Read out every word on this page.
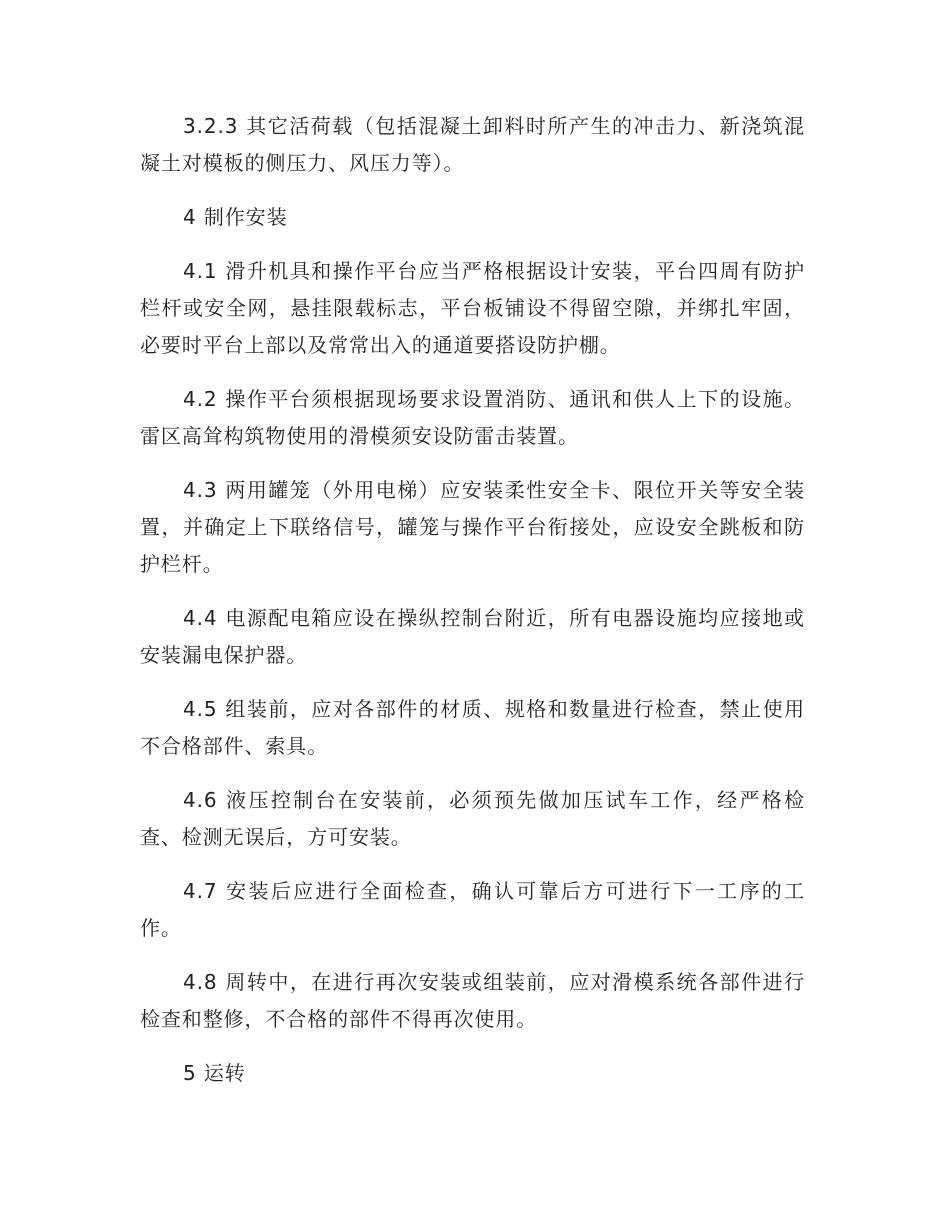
3.2.3 其它活荷载（包括混凝土卸料时所产生的冲击力、新浇筑混凝土对模板的侧压力、风压力等）。

4 制作安装

4.1 滑升机具和操作平台应当严格根据设计安装，平台四周有防护栏杆或安全网，悬挂限载标志，平台板铺设不得留空隙，并绑扎牢固，必要时平台上部以及常常出入的通道要搭设防护棚。

4.2 操作平台须根据现场要求设置消防、通讯和供人上下的设施。雷区高耸构筑物使用的滑模须安设防雷击装置。

4.3 两用罐笼（外用电梯）应安装柔性安全卡、限位开关等安全装置，并确定上下联络信号，罐笼与操作平台衔接处，应设安全跳板和防护栏杆。

4.4 电源配电箱应设在操纵控制台附近，所有电器设施均应接地或安装漏电保护器。

4.5 组装前，应对各部件的材质、规格和数量进行检查，禁止使用不合格部件、索具。

4.6 液压控制台在安装前，必须预先做加压试车工作，经严格检查、检测无误后，方可安装。

4.7 安装后应进行全面检查，确认可靠后方可进行下一工序的工作。

4.8 周转中，在进行再次安装或组装前，应对滑模系统各部件进行检查和整修，不合格的部件不得再次使用。

5 运转
